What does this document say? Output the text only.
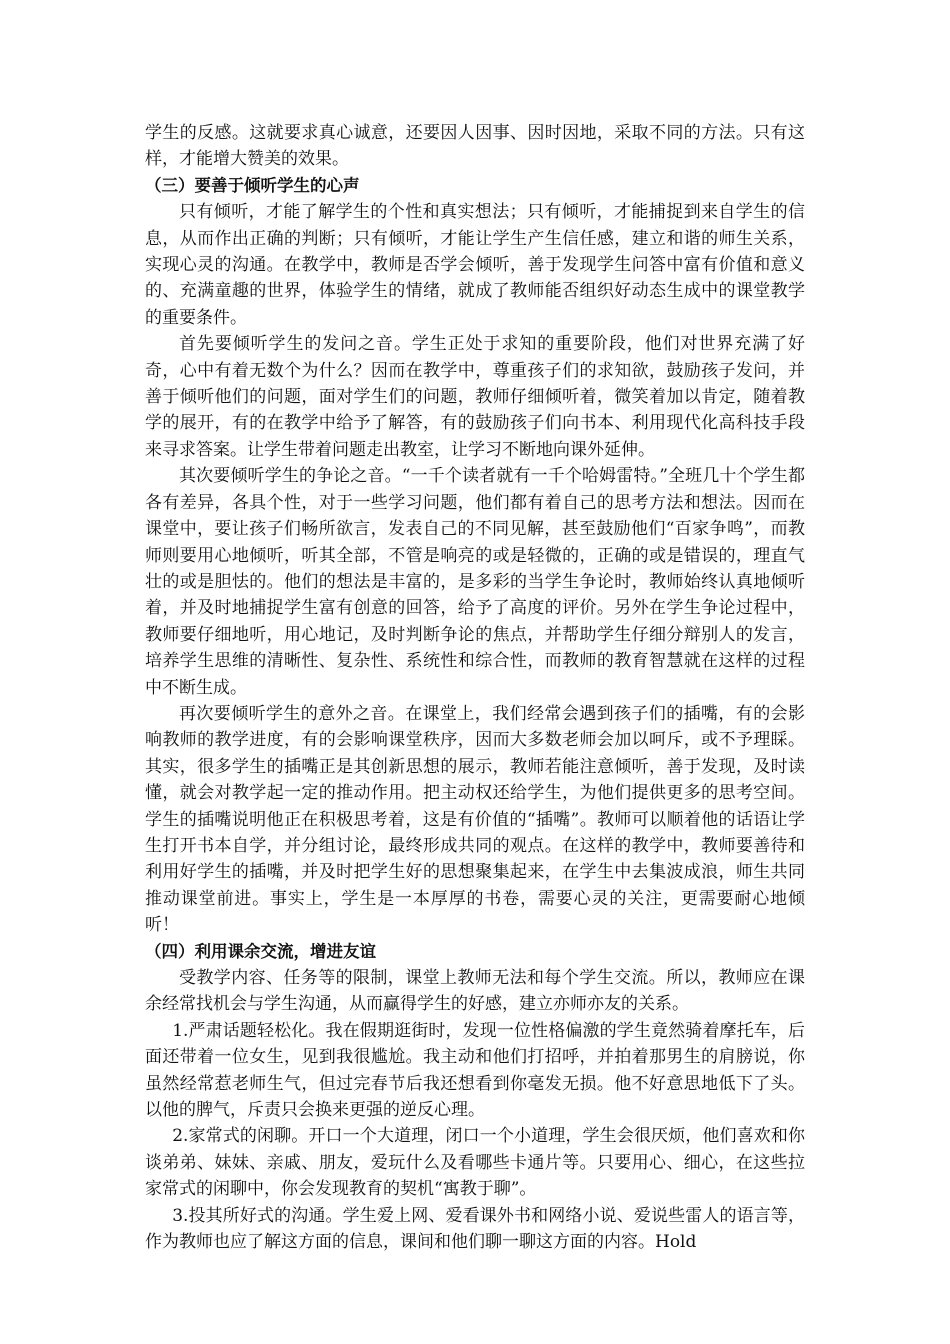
学生的反感。这就要求真心诚意，还要因人因事、因时因地，采取不同的方法。只有这样，才能增大赞美的效果。

（三）要善于倾听学生的心声

只有倾听，才能了解学生的个性和真实想法；只有倾听，才能捕捉到来自学生的信息，从而作出正确的判断；只有倾听，才能让学生产生信任感，建立和谐的师生关系，实现心灵的沟通。在教学中，教师是否学会倾听，善于发现学生问答中富有价值和意义的、充满童趣的世界，体验学生的情绪，就成了教师能否组织好动态生成中的课堂教学的重要条件。

首先要倾听学生的发问之音。学生正处于求知的重要阶段，他们对世界充满了好奇，心中有着无数个为什么？因而在教学中，尊重孩子们的求知欲，鼓励孩子发问，并善于倾听他们的问题，面对学生们的问题，教师仔细倾听着，微笑着加以肯定，随着教学的展开，有的在教学中给予了解答，有的鼓励孩子们向书本、利用现代化高科技手段来寻求答案。让学生带着问题走出教室，让学习不断地向课外延伸。

其次要倾听学生的争论之音。“一千个读者就有一千个哈姆雷特。”全班几十个学生都各有差异，各具个性，对于一些学习问题，他们都有着自己的思考方法和想法。因而在课堂中，要让孩子们畅所欲言，发表自己的不同见解，甚至鼓励他们“百家争鸣”，而教师则要用心地倾听，听其全部，不管是响亮的或是轻微的，正确的或是错误的，理直气壮的或是胆怯的。他们的想法是丰富的，是多彩的当学生争论时，教师始终认真地倾听着，并及时地捕捉学生富有创意的回答，给予了高度的评价。另外在学生争论过程中，教师要仔细地听，用心地记，及时判断争论的焦点，并帮助学生仔细分辩别人的发言，培养学生思维的清晰性、复杂性、系统性和综合性，而教师的教育智慧就在这样的过程中不断生成。

再次要倾听学生的意外之音。在课堂上，我们经常会遇到孩子们的插嘴，有的会影响教师的教学进度，有的会影响课堂秩序，因而大多数老师会加以呵斥，或不予理睬。其实，很多学生的插嘴正是其创新思想的展示，教师若能注意倾听，善于发现，及时读懂，就会对教学起一定的推动作用。把主动权还给学生，为他们提供更多的思考空间。学生的插嘴说明他正在积极思考着，这是有价值的“插嘴”。教师可以顺着他的话语让学生打开书本自学，并分组讨论，最终形成共同的观点。在这样的教学中，教师要善待和利用好学生的插嘴，并及时把学生好的思想聚集起来，在学生中去集波成浪，师生共同推动课堂前进。事实上，学生是一本厚厚的书卷，需要心灵的关注，更需要耐心地倾听！

（四）利用课余交流，增进友谊

受教学内容、任务等的限制，课堂上教师无法和每个学生交流。所以，教师应在课余经常找机会与学生沟通，从而赢得学生的好感，建立亦师亦友的关系。

1.严肃话题轻松化。我在假期逛街时，发现一位性格偏激的学生竟然骑着摩托车，后面还带着一位女生，见到我很尴尬。我主动和他们打招呼，并拍着那男生的肩膀说，你虽然经常惹老师生气，但过完春节后我还想看到你毫发无损。他不好意思地低下了头。以他的脾气，斥责只会换来更强的逆反心理。

2.家常式的闲聊。开口一个大道理，闭口一个小道理，学生会很厌烦，他们喜欢和你谈弟弟、妹妹、亲戚、朋友，爱玩什么及看哪些卡通片等。只要用心、细心，在这些拉家常式的闲聊中，你会发现教育的契机“寓教于聊”。

3.投其所好式的沟通。学生爱上网、爱看课外书和网络小说、爱说些雷人的语言等，作为教师也应了解这方面的信息，课间和他们聊一聊这方面的内容。Hold
